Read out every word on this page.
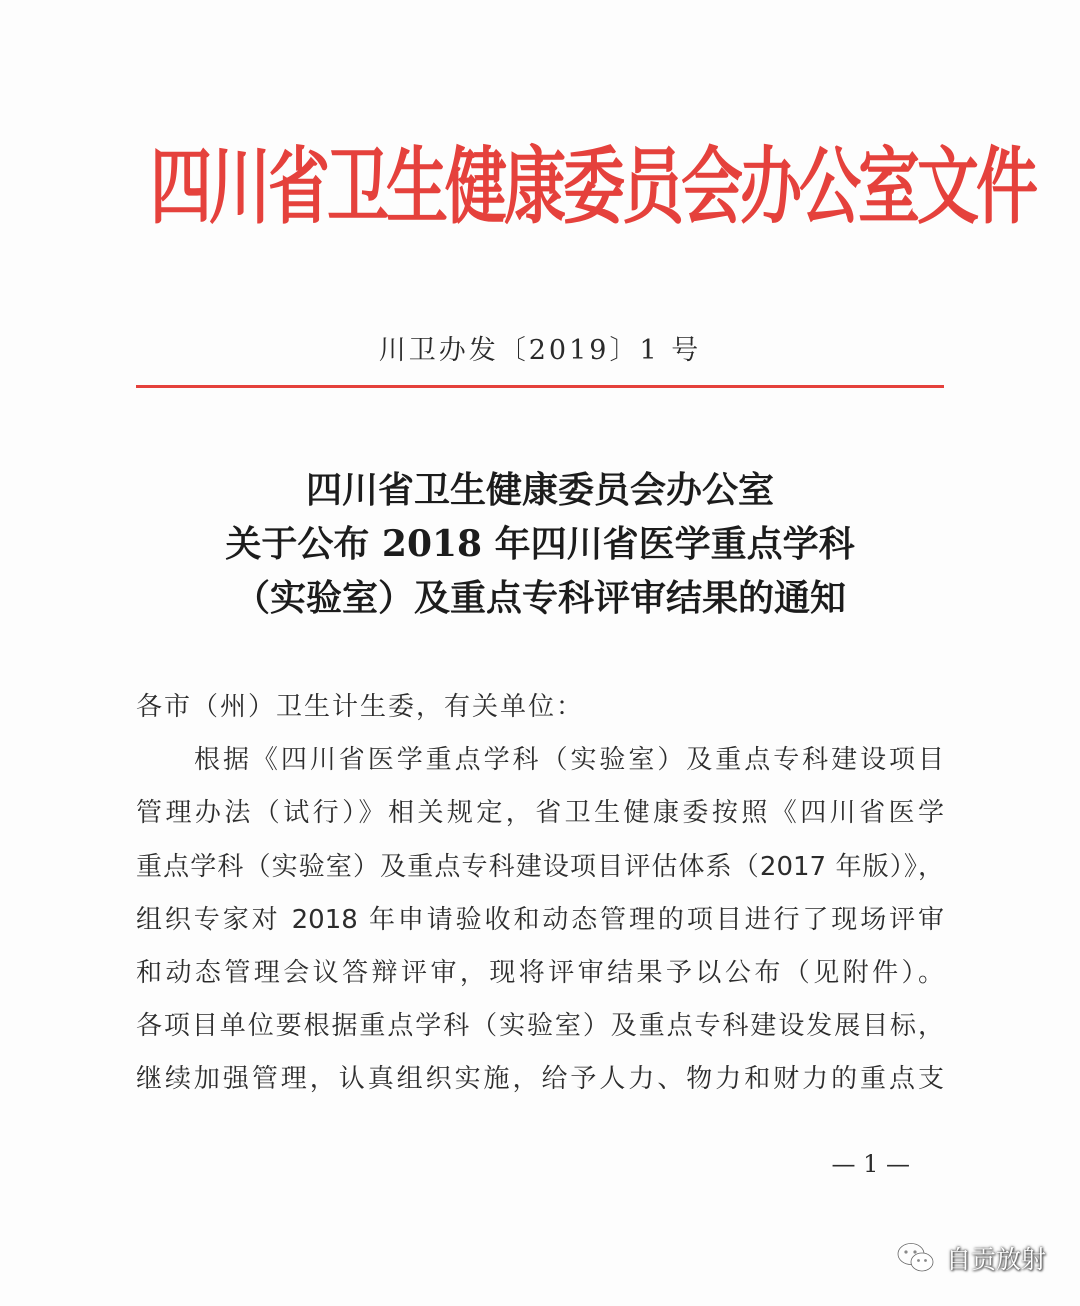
四川省卫生健康委员会办公室文件
川卫办发〔2019〕1 号
四川省卫生健康委员会办公室
关于公布 2018 年四川省医学重点学科
（实验室）及重点专科评审结果的通知
各市（州）卫生计生委，有关单位：
根据《四川省医学重点学科（实验室）及重点专科建设项目
管理办法（试行）》相关规定，省卫生健康委按照《四川省医学
重点学科（实验室）及重点专科建设项目评估体系（2017 年版）》，
组织专家对 2018 年申请验收和动态管理的项目进行了现场评审
和动态管理会议答辩评审，现将评审结果予以公布（见附件）。
各项目单位要根据重点学科（实验室）及重点专科建设发展目标，
继续加强管理，认真组织实施，给予人力、物力和财力的重点支
— 1 —
自贡放射
